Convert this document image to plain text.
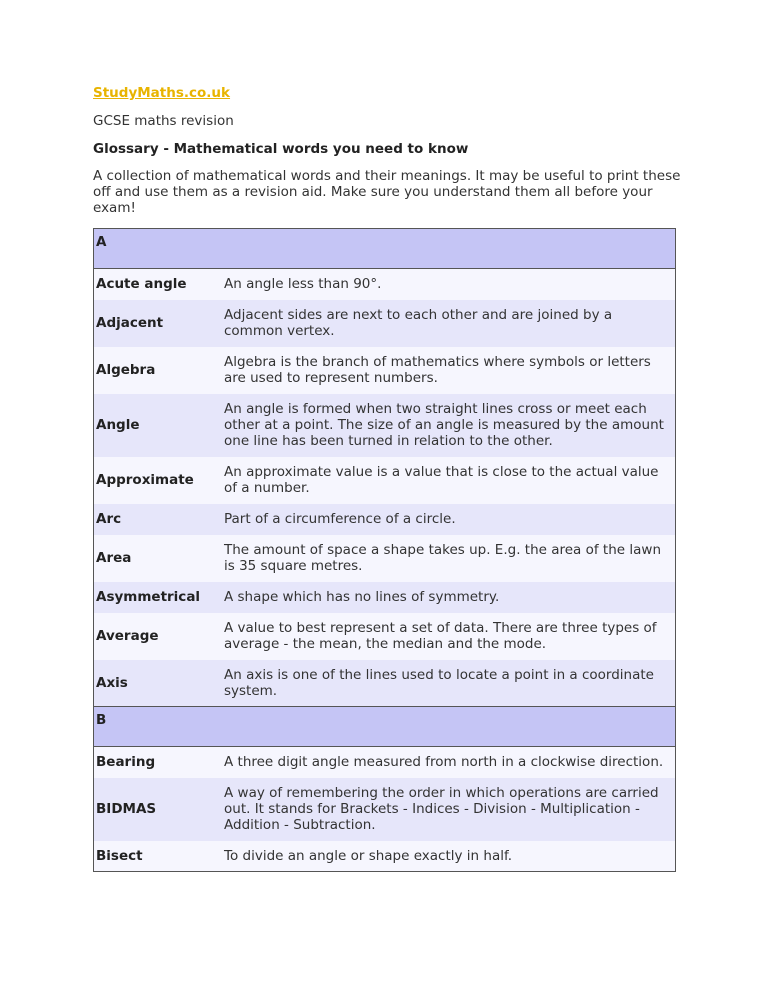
StudyMaths.co.uk
GCSE maths revision
Glossary - Mathematical words you need to know
A collection of mathematical words and their meanings. It may be useful to print these off and use them as a revision aid. Make sure you understand them all before your exam!
A	
Acute angle	An angle less than 90°.
Adjacent	Adjacent sides are next to each other and are joined by a common vertex.
Algebra	Algebra is the branch of mathematics where symbols or letters are used to represent numbers.
Angle	An angle is formed when two straight lines cross or meet each other at a point. The size of an angle is measured by the amount one line has been turned in relation to the other.
Approximate	An approximate value is a value that is close to the actual value of a number.
Arc	Part of a circumference of a circle.
Area	The amount of space a shape takes up. E.g. the area of the lawn is 35 square metres.
Asymmetrical	A shape which has no lines of symmetry.
Average	A value to best represent a set of data. There are three types of average - the mean, the median and the mode.
Axis	An axis is one of the lines used to locate a point in a coordinate system.
B	
Bearing	A three digit angle measured from north in a clockwise direction.
BIDMAS	A way of remembering the order in which operations are carried out. It stands for Brackets - Indices - Division - Multiplication - Addition - Subtraction.
Bisect	To divide an angle or shape exactly in half.
